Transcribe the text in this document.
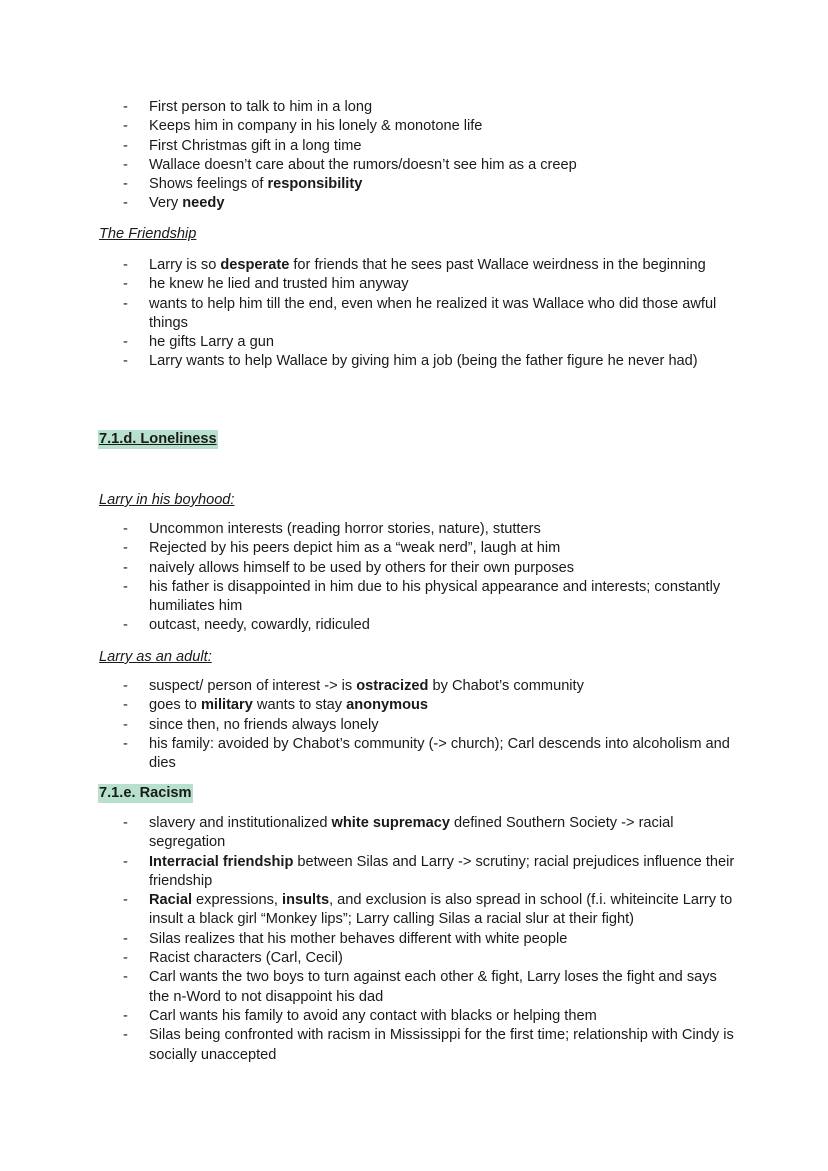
- First person to talk to him in a long
- Keeps him in company in his lonely & monotone life
- First Christmas gift in a long time
- Wallace doesn’t care about the rumors/doesn’t see him as a creep
- Shows feelings of responsibility
- Very needy
The Friendship
- Larry is so desperate for friends that he sees past Wallace weirdness in the beginning
- he knew he lied and trusted him anyway
- wants to help him till the end, even when he realized it was Wallace who did those awful things
- he gifts Larry a gun
- Larry wants to help Wallace by giving him a job (being the father figure he never had)
7.1.d. Loneliness
Larry in his boyhood:
- Uncommon interests (reading horror stories, nature), stutters
- Rejected by his peers depict him as a “weak nerd”, laugh at him
- naively allows himself to be used by others for their own purposes
- his father is disappointed in him due to his physical appearance and interests; constantly humiliates him
- outcast, needy, cowardly, ridiculed
Larry as an adult:
- suspect/ person of interest -> is ostracized by Chabot’s community
- goes to military wants to stay anonymous
- since then, no friends always lonely
- his family: avoided by Chabot’s community (-> church); Carl descends into alcoholism and dies
7.1.e. Racism
- slavery and institutionalized white supremacy defined Southern Society -> racial segregation
- Interracial friendship between Silas and Larry -> scrutiny; racial prejudices influence their friendship
- Racial expressions, insults, and exclusion is also spread in school (f.i. whiteincite Larry to insult a black girl “Monkey lips”; Larry calling Silas a racial slur at their fight)
- Silas realizes that his mother behaves different with white people
- Racist characters (Carl, Cecil)
- Carl wants the two boys to turn against each other & fight, Larry loses the fight and says the n-Word to not disappoint his dad
- Carl wants his family to avoid any contact with blacks or helping them
- Silas being confronted with racism in Mississippi for the first time; relationship with Cindy is socially unaccepted
